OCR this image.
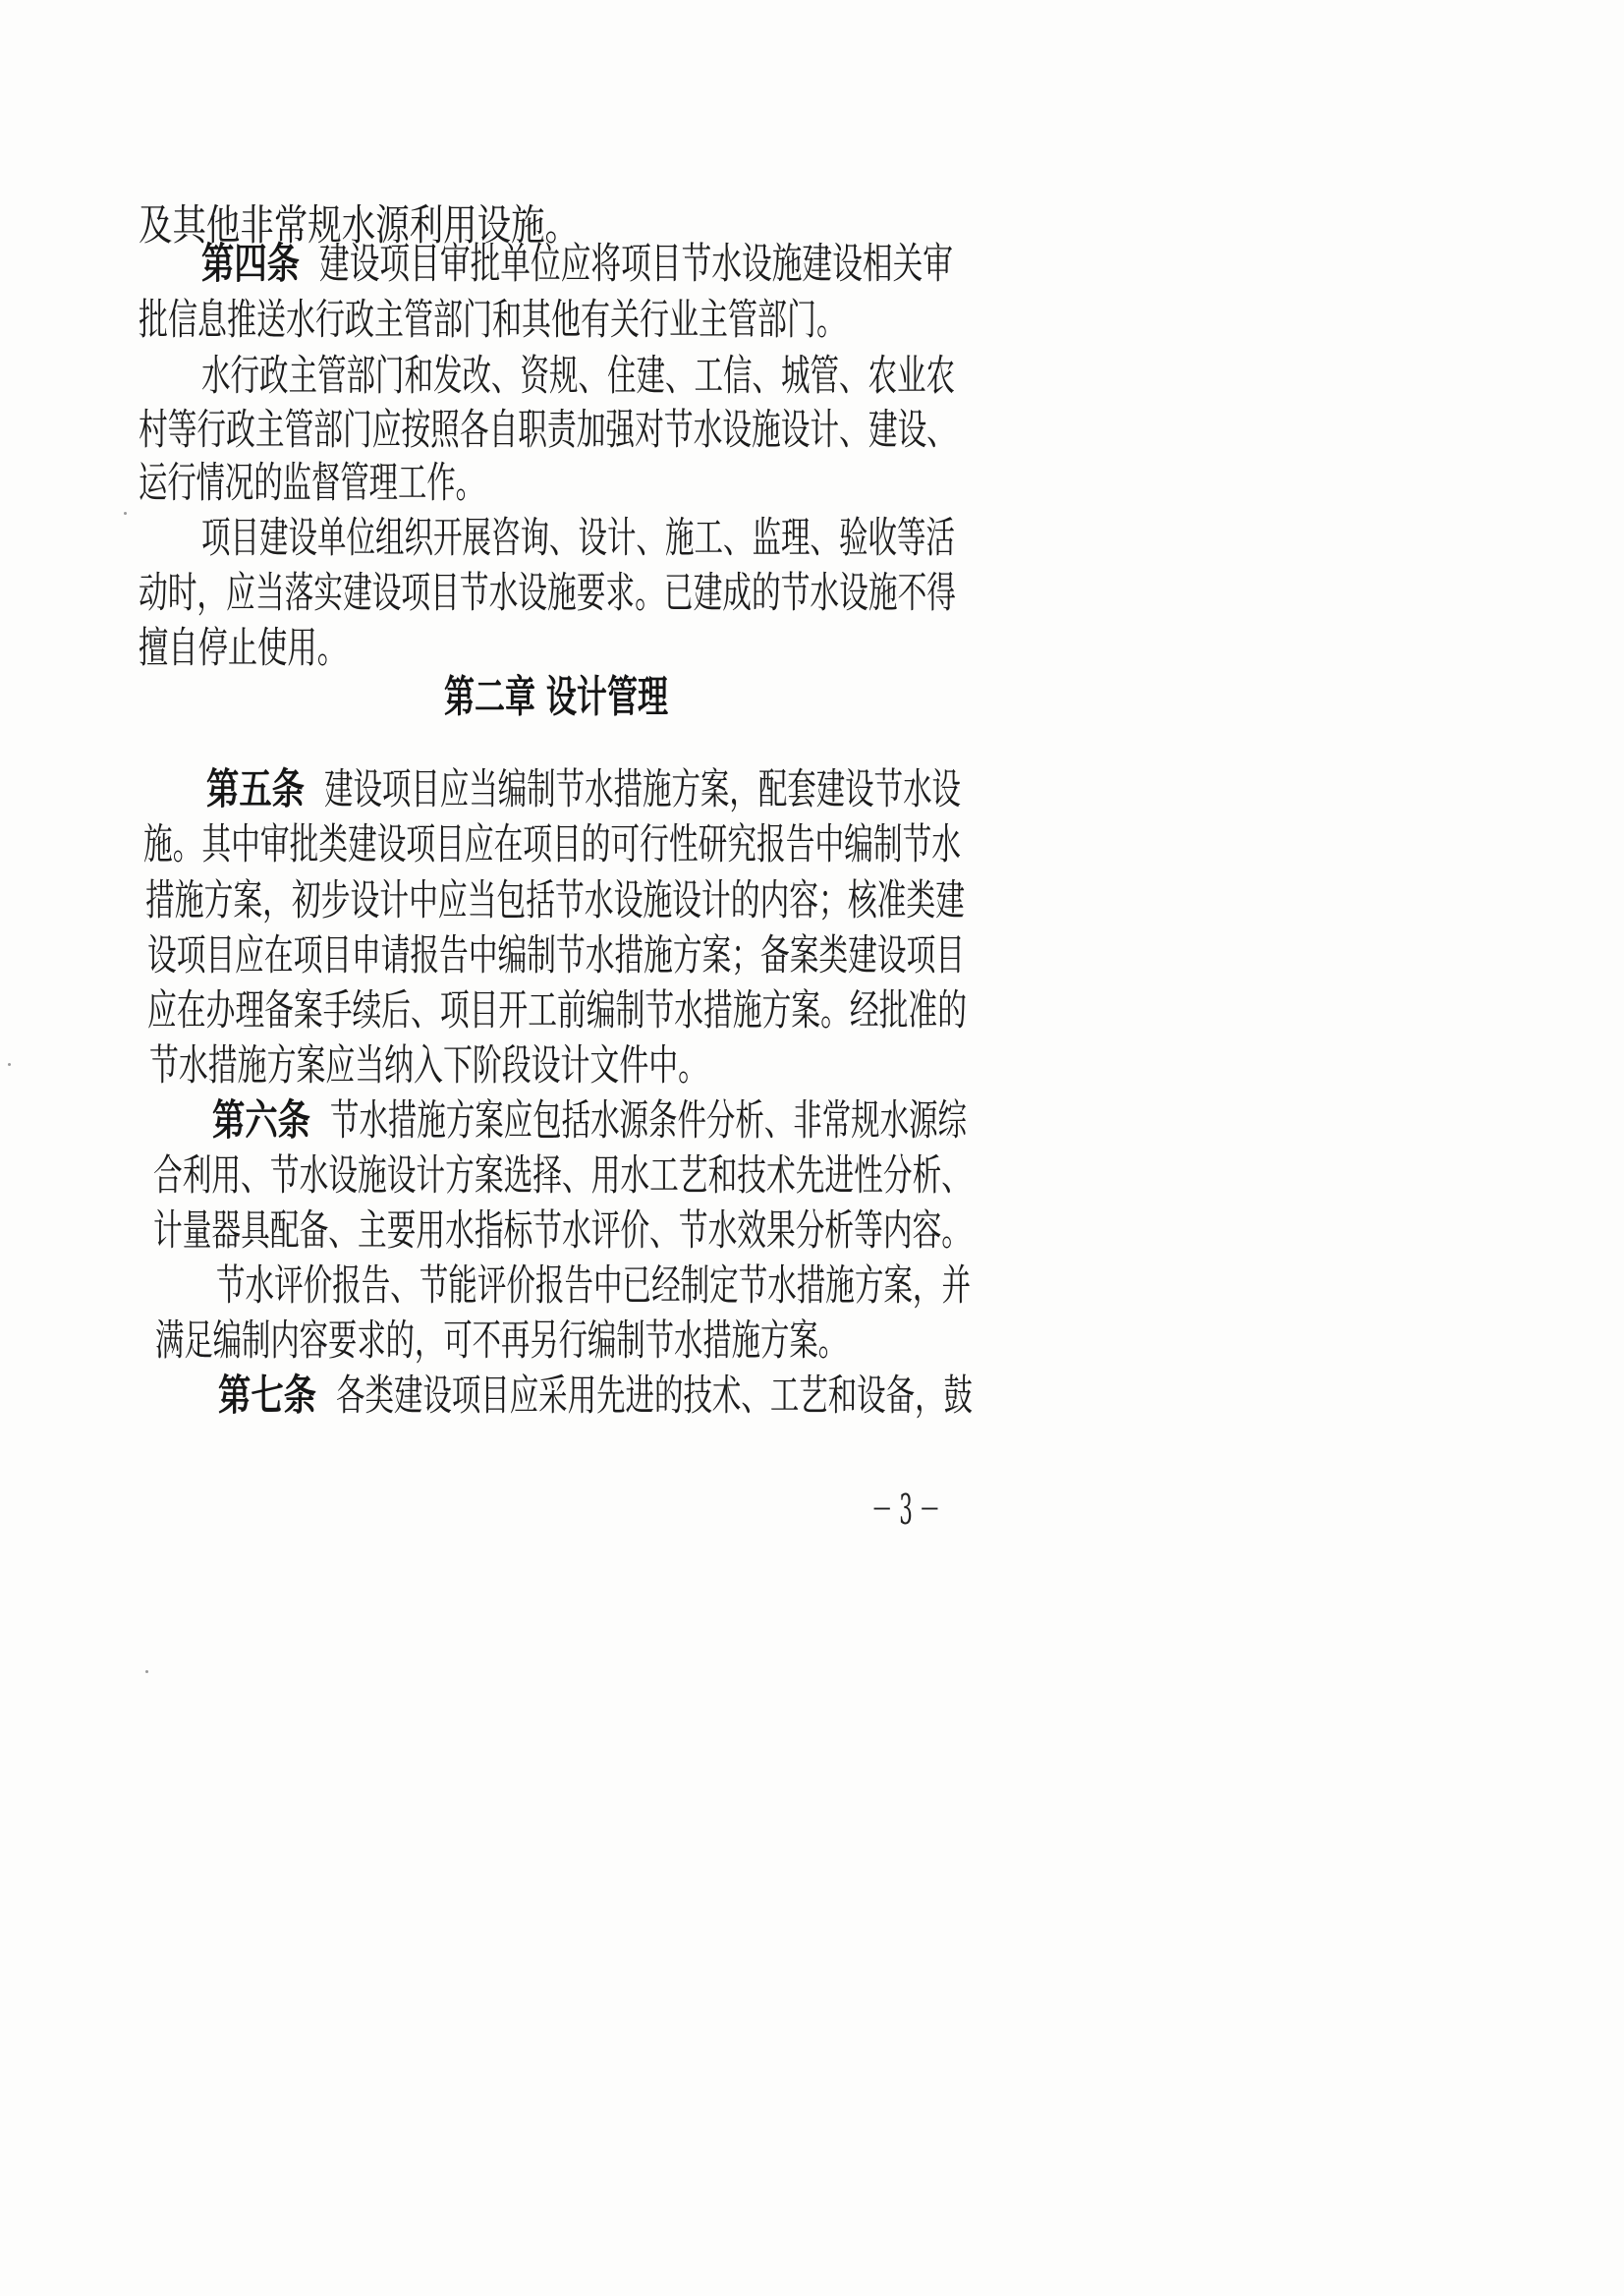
及其他非常规水源利用设施。
第四条 建设项目审批单位应将项目节水设施建设相关审
批信息推送水行政主管部门和其他有关行业主管部门。
水行政主管部门和发改、资规、住建、工信、城管、农业农
村等行政主管部门应按照各自职责加强对节水设施设计、建设、
运行情况的监督管理工作。
项目建设单位组织开展咨询、设计、施工、监理、验收等活
动时，应当落实建设项目节水设施要求。已建成的节水设施不得
擅自停止使用。
第二章 设计管理
第五条 建设项目应当编制节水措施方案，配套建设节水设
施。其中审批类建设项目应在项目的可行性研究报告中编制节水
措施方案，初步设计中应当包括节水设施设计的内容；核准类建
设项目应在项目申请报告中编制节水措施方案；备案类建设项目
应在办理备案手续后、项目开工前编制节水措施方案。经批准的
节水措施方案应当纳入下阶段设计文件中。
第六条 节水措施方案应包括水源条件分析、非常规水源综
合利用、节水设施设计方案选择、用水工艺和技术先进性分析、
计量器具配备、主要用水指标节水评价、节水效果分析等内容。
节水评价报告、节能评价报告中已经制定节水措施方案，并
满足编制内容要求的，可不再另行编制节水措施方案。
第七条 各类建设项目应采用先进的技术、工艺和设备，鼓
－ 3 －
